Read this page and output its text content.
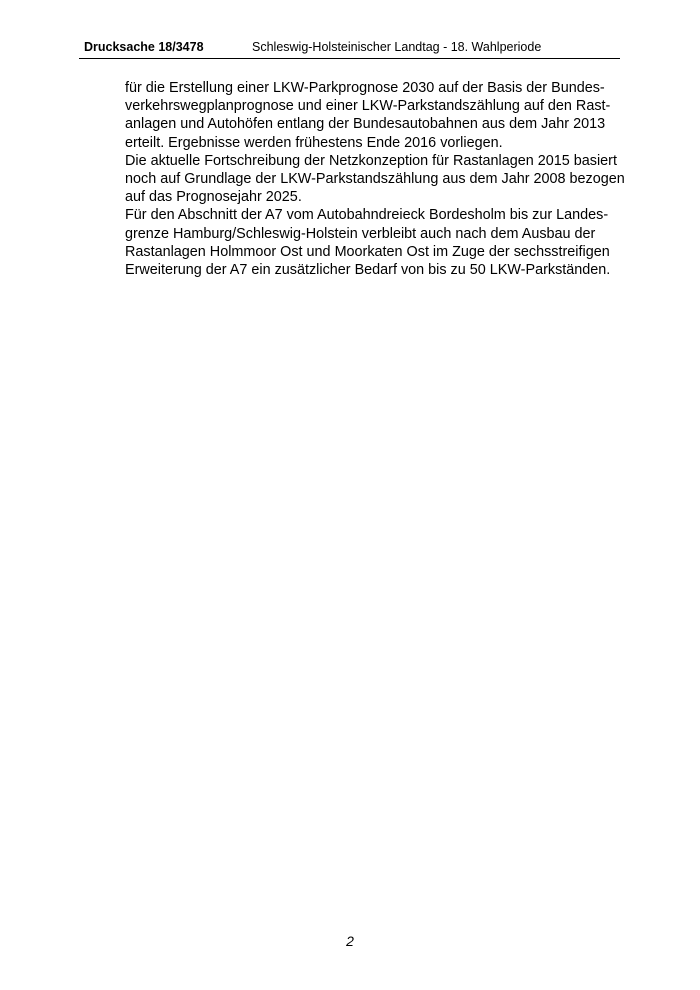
Drucksache 18/3478	Schleswig-Holsteinischer Landtag - 18. Wahlperiode
für die Erstellung einer LKW-Parkprognose 2030 auf der Basis der Bundes-
verkehrswegplanprognose und einer LKW-Parkstandszählung auf den Rast-
anlagen und Autohöfen entlang der Bundesautobahnen aus dem Jahr 2013
erteilt. Ergebnisse werden frühestens Ende 2016 vorliegen.
Die aktuelle Fortschreibung der Netzkonzeption für Rastanlagen 2015 basiert
noch auf Grundlage der LKW-Parkstandszählung aus dem Jahr 2008 bezogen
auf das Prognosejahr 2025.
Für den Abschnitt der A7 vom Autobahndreieck Bordesholm bis zur Landes-
grenze Hamburg/Schleswig-Holstein verbleibt auch nach dem Ausbau der
Rastanlagen Holmmoor Ost und Moorkaten Ost im Zuge der sechsstreifigen
Erweiterung der A7 ein zusätzlicher Bedarf von bis zu 50 LKW-Parkständen.
2
